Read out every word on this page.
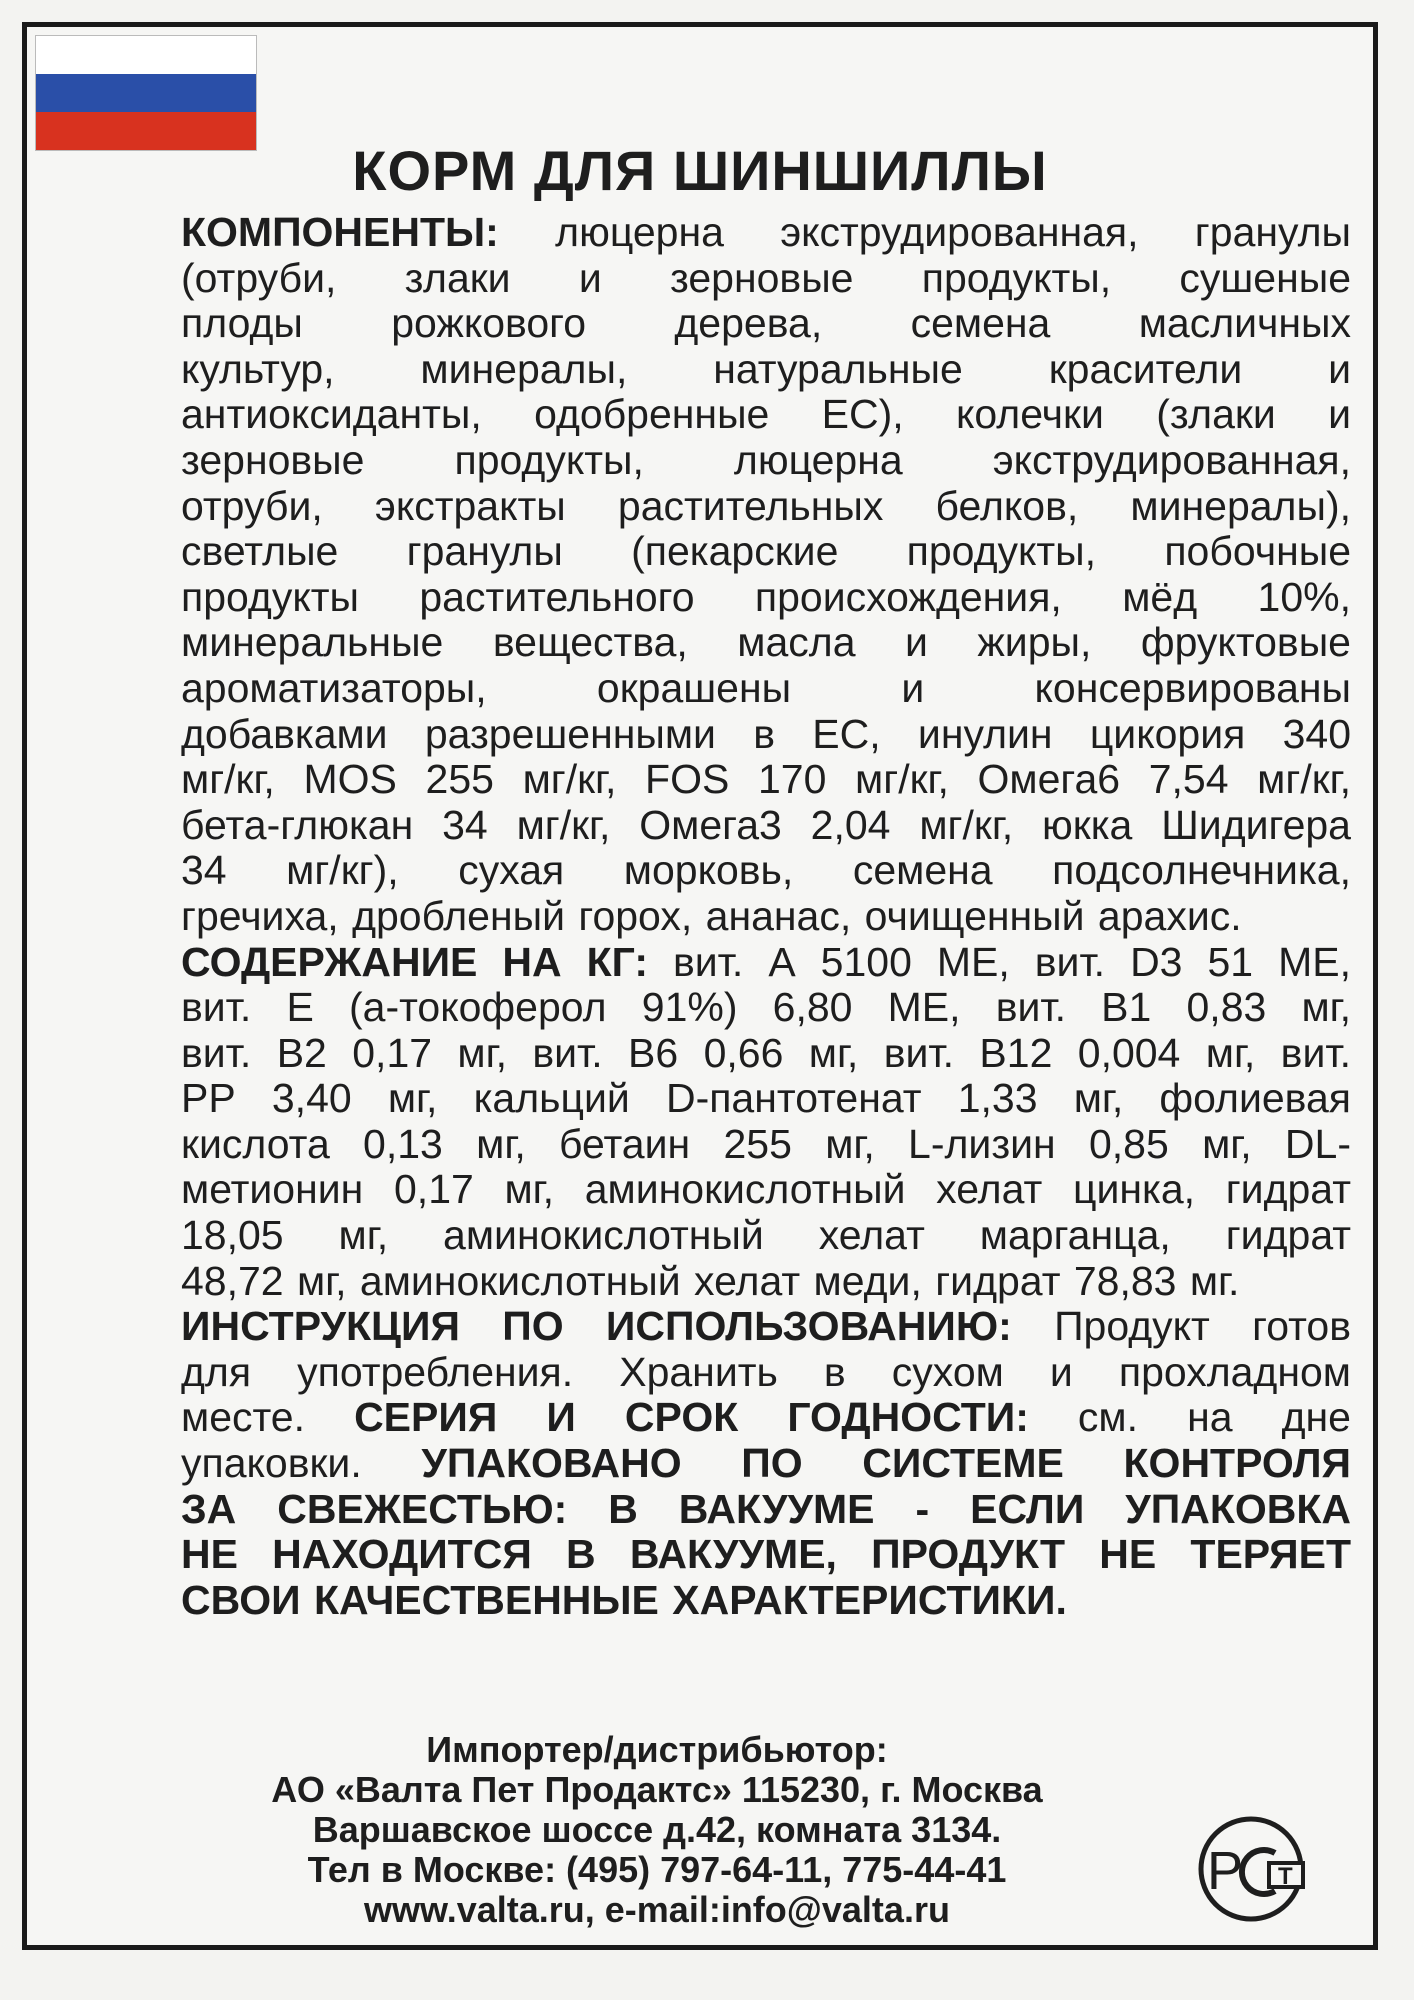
КОРМ ДЛЯ ШИНШИЛЛЫ
КОМПОНЕНТЫ: люцерна экструдированная, гранулы
(отруби, злаки и зерновые продукты, сушеные
плоды рожкового дерева, семена масличных
культур, минералы, натуральные красители и
антиоксиданты, одобренные ЕС), колечки (злаки и
зерновые продукты, люцерна экструдированная,
отруби, экстракты растительных белков, минералы),
светлые гранулы (пекарские продукты, побочные
продукты растительного происхождения, мёд 10%,
минеральные вещества, масла и жиры, фруктовые
ароматизаторы, окрашены и консервированы
добавками разрешенными в ЕС, инулин цикория 340
мг/кг, MOS 255 мг/кг, FOS 170 мг/кг, Омега6 7,54 мг/кг,
бета-глюкан 34 мг/кг, Омега3 2,04 мг/кг, юкка Шидигера
34 мг/кг), сухая морковь, семена подсолнечника,
гречиха, дробленый горох, ананас, очищенный арахис.
СОДЕРЖАНИЕ НА КГ: вит. А 5100 МЕ, вит. D3 51 МЕ,
вит. Е (а-токоферол 91%) 6,80 МЕ, вит. В1 0,83 мг,
вит. В2 0,17 мг, вит. В6 0,66 мг, вит. В12 0,004 мг, вит.
РР 3,40 мг, кальций D-пантотенат 1,33 мг, фолиевая
кислота 0,13 мг, бетаин 255 мг, L-лизин 0,85 мг, DL-
метионин 0,17 мг, аминокислотный хелат цинка, гидрат
18,05 мг, аминокислотный хелат марганца, гидрат
48,72 мг, аминокислотный хелат меди, гидрат 78,83 мг.
ИНСТРУКЦИЯ ПО ИСПОЛЬЗОВАНИЮ: Продукт готов
для употребления. Хранить в сухом и прохладном
месте. СЕРИЯ И СРОК ГОДНОСТИ: см. на дне
упаковки. УПАКОВАНО ПО СИСТЕМЕ КОНТРОЛЯ
ЗА СВЕЖЕСТЬЮ: В ВАКУУМЕ - ЕСЛИ УПАКОВКА
НЕ НАХОДИТСЯ В ВАКУУМЕ, ПРОДУКТ НЕ ТЕРЯЕТ
СВОИ КАЧЕСТВЕННЫЕ ХАРАКТЕРИСТИКИ.
Импортер/дистрибьютор:
АО «Валта Пет Продактс» 115230, г. Москва
Варшавское шоссе д.42, комната 3134.
Тел в Москве: (495) 797-64-11, 775-44-41
www.valta.ru, e-mail:info@valta.ru
Р Т
